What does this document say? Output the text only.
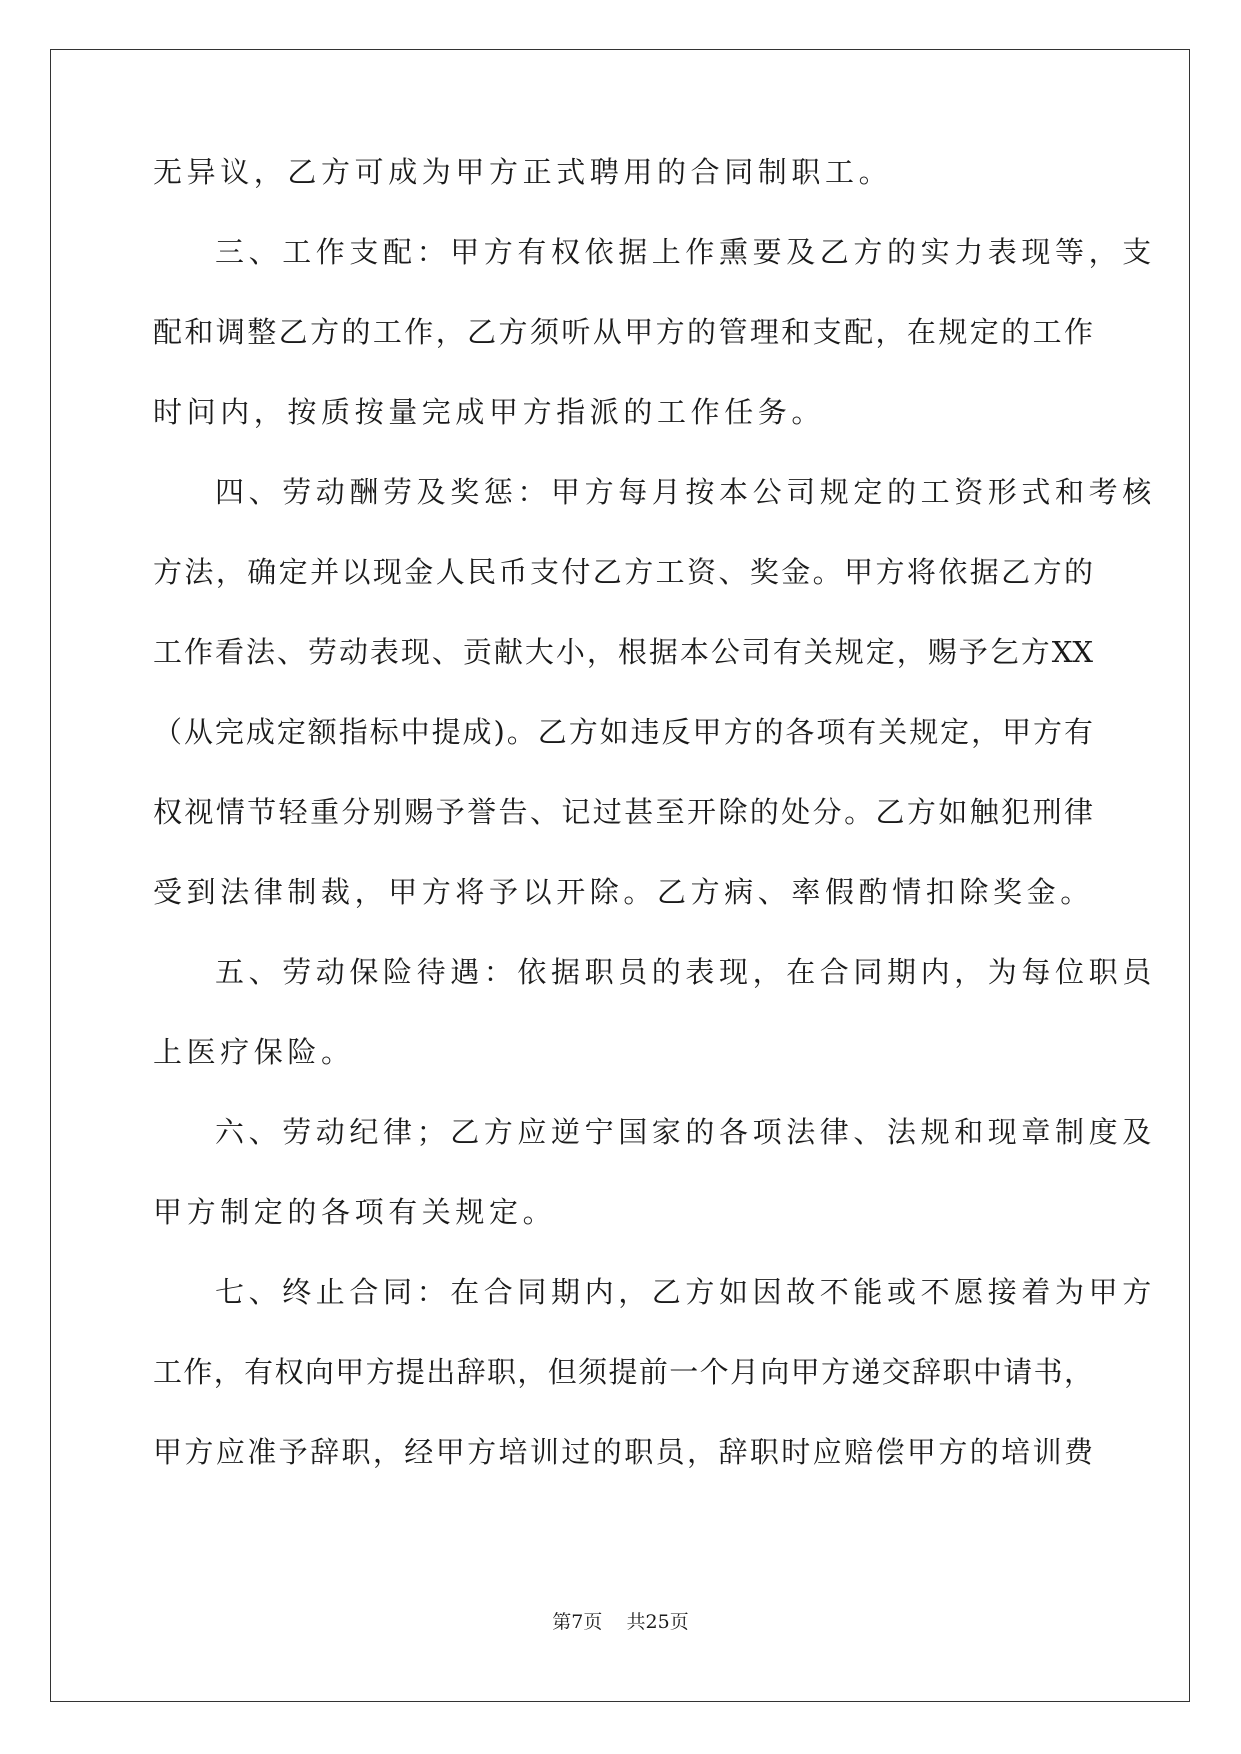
无异议，乙方可成为甲方正式聘用的合同制职工。
三、工作支配：甲方有权依据上作熏要及乙方的实力表现等，支
配和调整乙方的工作，乙方须听从甲方的管理和支配，在规定的工作
时问内，按质按量完成甲方指派的工作任务。
四、劳动酬劳及奖惩：甲方每月按本公司规定的工资形式和考核
方法，确定并以现金人民币支付乙方工资、奖金。甲方将依据乙方的
工作看法、劳动表现、贡献大小，根据本公司有关规定，赐予乞方XX
（从完成定额指标中提成)。乙方如违反甲方的各项有关规定，甲方有
权视情节轻重分别赐予誉告、记过甚至开除的处分。乙方如触犯刑律
受到法律制裁，甲方将予以开除。乙方病、率假酌情扣除奖金。
五、劳动保险待遇：依据职员的表现，在合同期内，为每位职员
上医疗保险。
六、劳动纪律；乙方应逆宁国家的各项法律、法规和现章制度及
甲方制定的各项有关规定。
七、终止合同：在合同期内，乙方如因故不能或不愿接着为甲方
工作，有权向甲方提出辞职，但须提前一个月向甲方递交辞职中请书，
甲方应准予辞职，经甲方培训过的职员，辞职时应赔偿甲方的培训费
第7页 共25页
